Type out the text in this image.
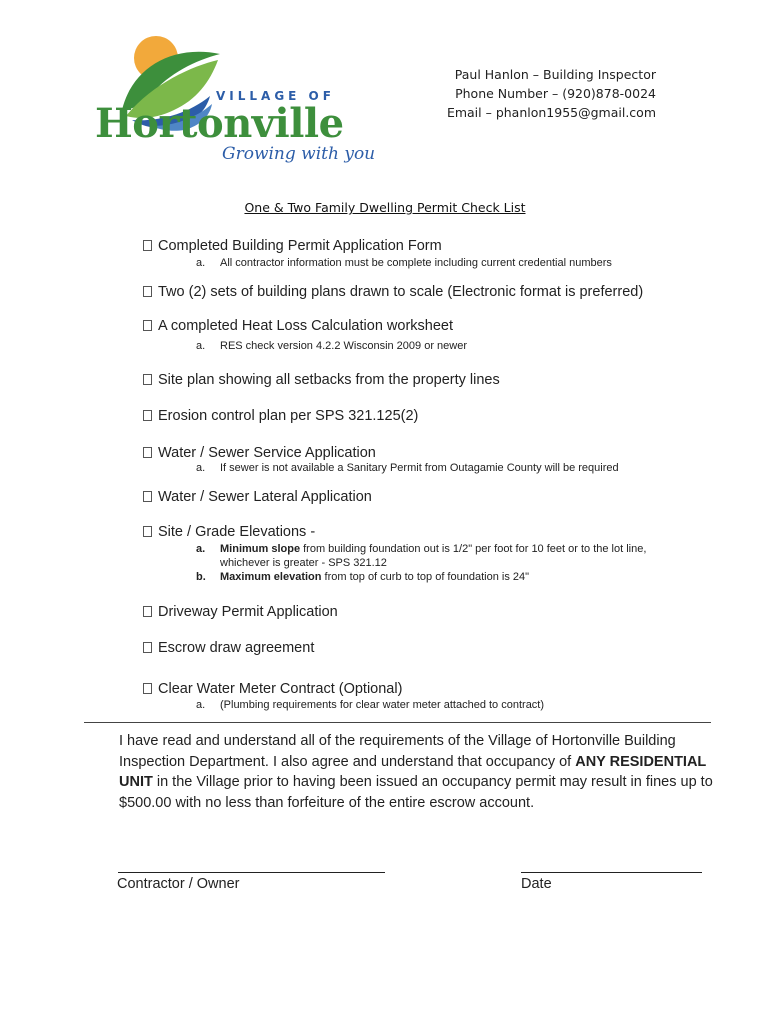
VILLAGE OF
Hortonville
Growing with you
Paul Hanlon – Building Inspector
Phone Number – (920)878-0024
Email – phanlon1955@gmail.com
One & Two Family Dwelling Permit Check List
Completed Building Permit Application Form
a. All contractor information must be complete including current credential numbers
Two (2) sets of building plans drawn to scale (Electronic format is preferred)
A completed Heat Loss Calculation worksheet
a. RES check version 4.2.2 Wisconsin 2009 or newer
Site plan showing all setbacks from the property lines
Erosion control plan per SPS 321.125(2)
Water / Sewer Service Application
a. If sewer is not available a Sanitary Permit from Outagamie County will be required
Water / Sewer Lateral Application
Site / Grade Elevations -
a. Minimum slope from building foundation out is 1/2" per foot for 10 feet or to the lot line,
whichever is greater - SPS 321.12
b. Maximum elevation from top of curb to top of foundation is 24"
Driveway Permit Application
Escrow draw agreement
Clear Water Meter Contract (Optional)
a. (Plumbing requirements for clear water meter attached to contract)
I have read and understand all of the requirements of the Village of Hortonville Building Inspection Department. I also agree and understand that occupancy of ANY RESIDENTIAL UNIT in the Village prior to having been issued an occupancy permit may result in fines up to $500.00 with no less than forfeiture of the entire escrow account.
Contractor / Owner	Date
